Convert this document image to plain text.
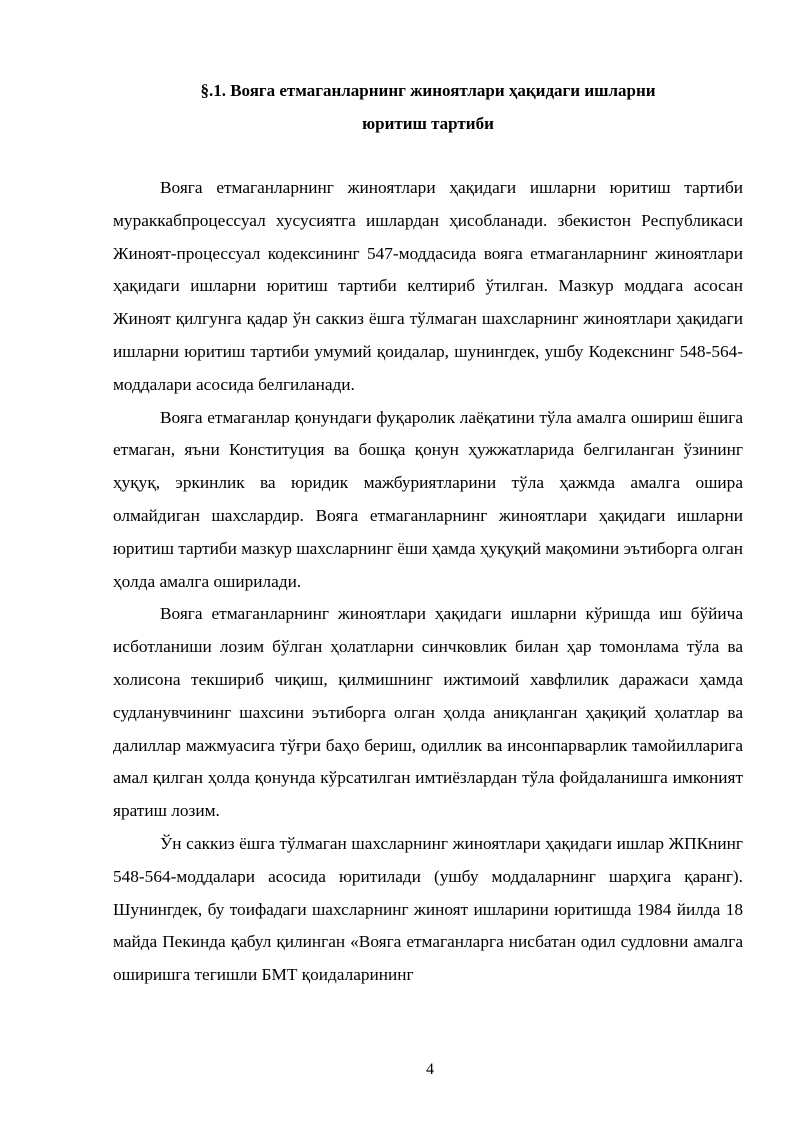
§.1. Вояга етмаганларнинг жиноятлари ҳақидаги ишларни
юритиш тартиби

Вояга етмаганларнинг жиноятлари ҳақидаги ишларни юритиш тартиби мураккабпроцессуал хусусиятга ишлардан ҳисобланади. збекистон Республикаси Жиноят-процессуал кодексининг 547-моддасида вояга етмаганларнинг жиноятлари ҳақидаги ишларни юритиш тартиби келтириб ўтилган. Мазкур моддага асосан Жиноят қилгунга қадар ўн саккиз ёшга тўлмаган шахсларнинг жиноятлари ҳақидаги ишларни юритиш тартиби умумий қоидалар, шунингдек, ушбу Кодекснинг 548-564-моддалари асосида белгиланади.

Вояга етмаганлар қонундаги фуқаролик лаёқатини тўла амалга ошириш ёшига етмаган, яъни Конституция ва бошқа қонун ҳужжатларида белгиланган ўзининг ҳуқуқ, эркинлик ва юридик мажбуриятларини тўла ҳажмда амалга ошира олмайдиган шахслардир. Вояга етмаганларнинг жиноятлари ҳақидаги ишларни юритиш тартиби мазкур шахсларнинг ёши ҳамда ҳуқуқий мақомини эътиборга олган ҳолда амалга оширилади.

Вояга етмаганларнинг жиноятлари ҳақидаги ишларни кўришда иш бўйича исботланиши лозим бўлган ҳолатларни синчковлик билан ҳар томонлама тўла ва холисона текшириб чиқиш, қилмишнинг ижтимоий хавфлилик даражаси ҳамда судланувчининг шахсини эътиборга олган ҳолда аниқланган ҳақиқий ҳолатлар ва далиллар мажмуасига тўғри баҳо бериш, одиллик ва инсонпарварлик тамойилларига амал қилган ҳолда қонунда кўрсатилган имтиёзлардан тўла фойдаланишга имконият яратиш лозим.

Ўн саккиз ёшга тўлмаган шахсларнинг жиноятлари ҳақидаги ишлар ЖПКнинг 548-564-моддалари асосида юритилади (ушбу моддаларнинг шарҳига қаранг). Шунингдек, бу тоифадаги шахсларнинг жиноят ишларини юритишда 1984 йилда 18 майда Пекинда қабул қилинган «Вояга етмаганларга нисбатан одил судловни амалга оширишга тегишли БМТ қоидаларининг

4
